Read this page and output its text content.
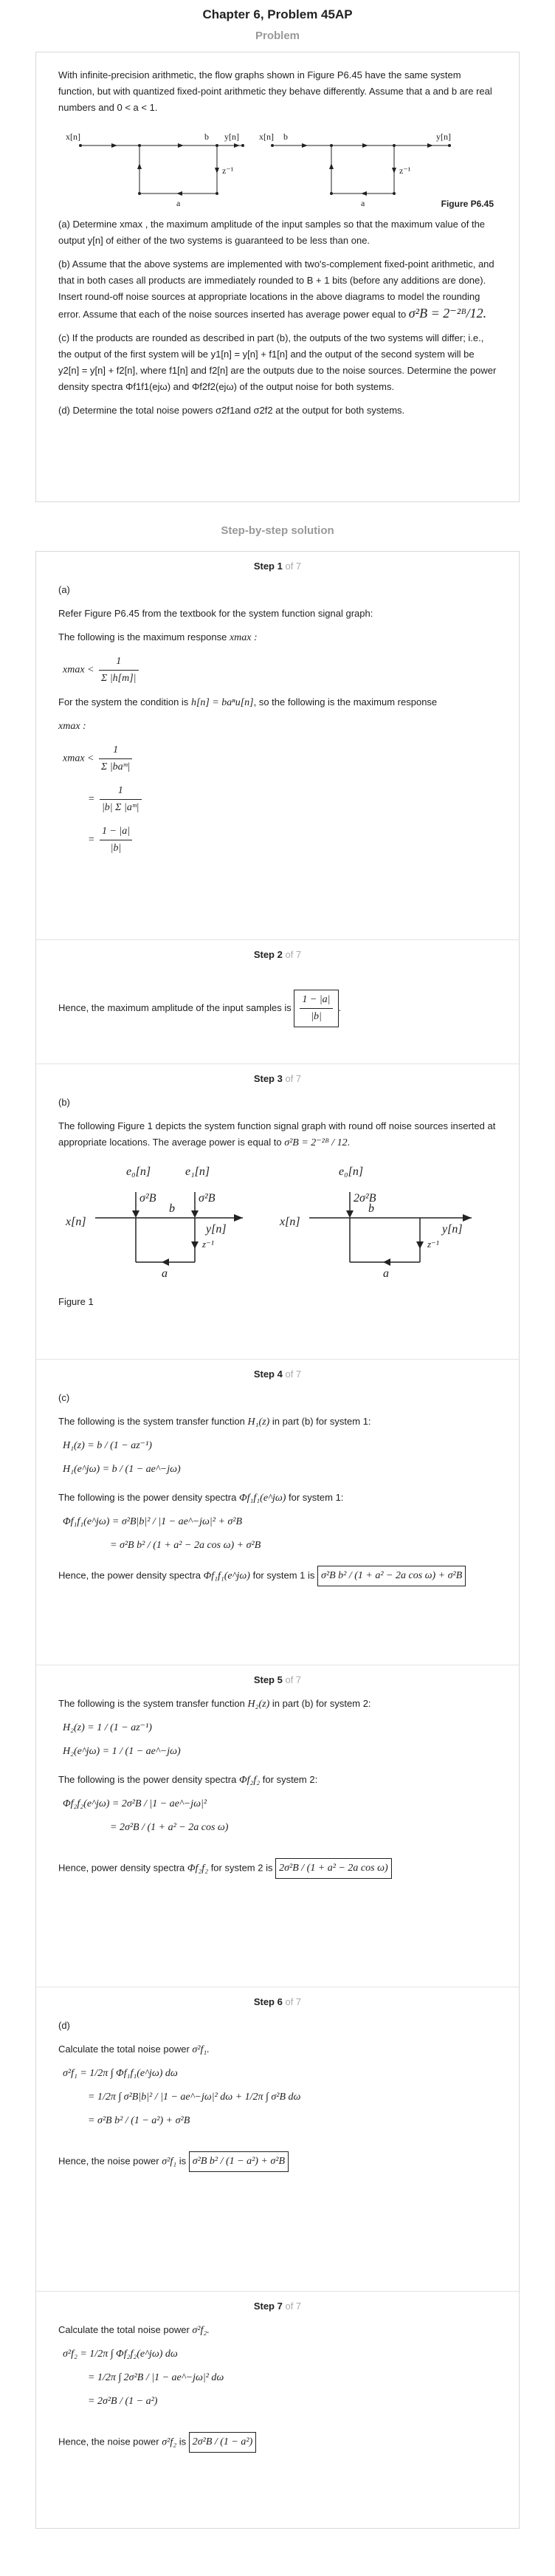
Chapter 6, Problem 45AP
Problem

With infinite-precision arithmetic, the flow graphs shown in Figure P6.45 have the same system function, but with quantized fixed-point arithmetic they behave differently. Assume that a and b are real numbers and 0 < a < 1.

x[n]	b y[n]
z⁻¹
a
x[n] b	y[n]
z⁻¹
a	Figure P6.45

(a) Determine xmax , the maximum amplitude of the input samples so that the maximum value of the output y[n] of either of the two systems is guaranteed to be less than one.

(b) Assume that the above systems are implemented with two's-complement fixed-point arithmetic, and that in both cases all products are immediately rounded to B + 1 bits (before any additions are done). Insert round-off noise sources at appropriate locations in the above diagrams to model the rounding error. Assume that each of the noise sources inserted has average power equal to σ²B = 2⁻²ᴮ/12.

(c) If the products are rounded as described in part (b), the outputs of the two systems will differ; i.e., the output of the first system will be y1[n] = y[n] + f1[n] and the output of the second system will be y2[n] = y[n] + f2[n], where f1[n] and f2[n] are the outputs due to the noise sources. Determine the power density spectra Φf1f1(ejω) and Φf2f2(ejω) of the output noise for both systems.

(d) Determine the total noise powers σ2f1and σ2f2 at the output for both systems.

Step-by-step solution
Step 1 of 7

(a)

Refer Figure P6.45 from the textbook for the system function signal graph:

The following is the maximum response xmax :

$xmax < \frac{1}{\Sigma |h[m]|}$

For the system the condition is h[n] = baⁿu[n], so the following is the maximum response

xmax :

$xmax < \frac{1}{\text{Σ |baᵐ|}}$
= $\frac{1}{\text{|b| Σ |aᵐ|}}$
= $\frac{1 - |a|}{|b|}$
Step 2 of 7

Hence, the maximum amplitude of the input samples is $\frac{1 - |a|}{|b|}$ .

Step 3 of 7

(b)

The following Figure 1 depicts the system function signal graph with round off noise sources inserted at appropriate locations. The average power is equal to σ²B = 2⁻²ᴮ / 12.

e₀[n]
σ²B
e₁[n]
σ²B
x[n]
b
y[n]
z⁻¹
a
e₀[n]
2σ²B
x[n]
b
y[n]
z⁻¹
a

Figure 1

Step 4 of 7

(c)

The following is the system transfer function H₁(z) in part (b) for system 1:

H₁(z) = b / (1 − az⁻¹)
H₁(e^jω) = b / (1 − ae^−jω)

The following is the power density spectra Φf₁f₁(e^jω) for system 1:

Φf₁f₁(e^jω) = σ²B|b|² / |1 − ae^−jω|² + σ²B
= σ²B b² / (1 + a² − 2a cos ω) + σ²B

Hence, the power density spectra Φf₁f₁(e^jω) for system 1 is σ²B b² / (1 + a² − 2a cos ω) + σ²B

Step 5 of 7

The following is the system transfer function H₂(z) in part (b) for system 2:

H₂(z) = 1 / (1 − az⁻¹)
H₂(e^jω) = 1 / (1 − ae^−jω)

The following is the power density spectra Φf₂f₂ for system 2:

Φf₂f₂(e^jω) = 2σ²B / |1 − ae^−jω|²
= 2σ²B / (1 + a² − 2a cos ω)

Hence, power density spectra Φf₂f₂ for system 2 is 2σ²B / (1 + a² − 2a cos ω)

Step 6 of 7

(d)

Calculate the total noise power σ²f₁.

σ²f₁ = 1/2π ∫ Φf₁f₁(e^jω) dω
= 1/2π ∫ σ²B|b|² / |1 − ae^−jω|² dω + 1/2π ∫ σ²B dω
= σ²B b² / (1 − a²) + σ²B

Hence, the noise power σ²f₁ is σ²B b² / (1 − a²) + σ²B

Step 7 of 7

Calculate the total noise power σ²f₂.

σ²f₂ = 1/2π ∫ Φf₂f₂(e^jω) dω
= 1/2π ∫ 2σ²B / |1 − ae^−jω|² dω
= 2σ²B / (1 − a²)

Hence, the noise power σ²f₂ is 2σ²B / (1 − a²)
